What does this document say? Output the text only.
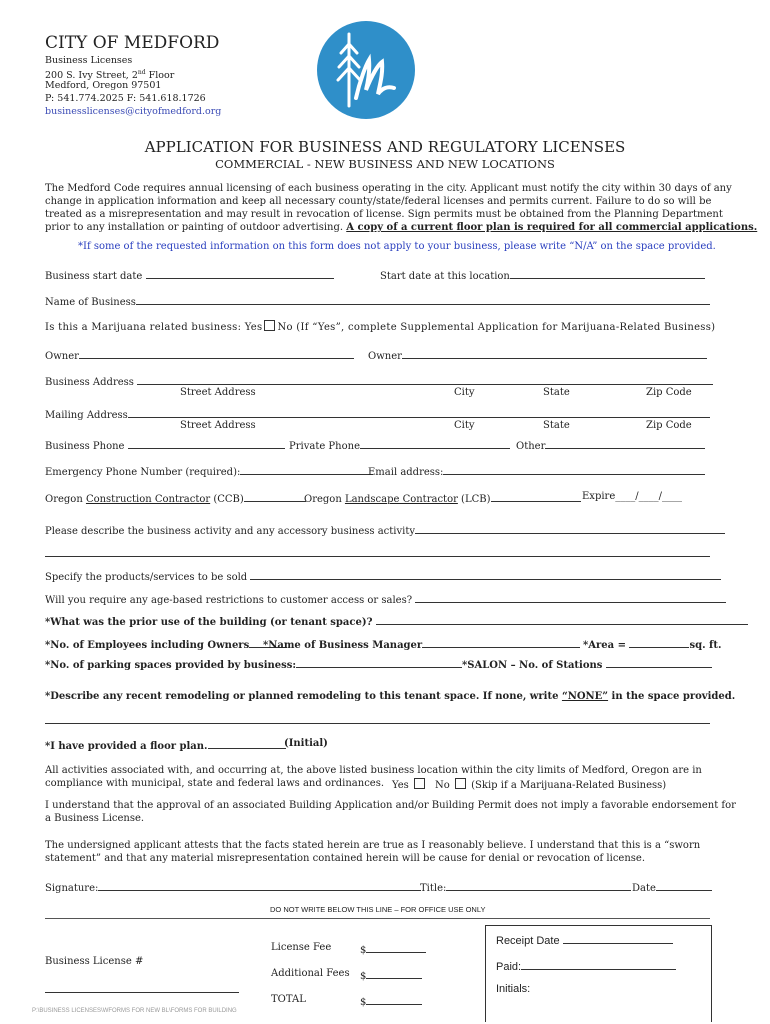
CITY OF MEDFORD
Business Licenses
200 S. Ivy Street, 2nd Floor
Medford, Oregon 97501
P: 541.774.2025 F: 541.618.1726
businesslicenses@cityofmedford.org
APPLICATION FOR BUSINESS AND REGULATORY LICENSES
COMMERCIAL - NEW BUSINESS AND NEW LOCATIONS
The Medford Code requires annual licensing of each business operating in the city. Applicant must notify the city within 30 days of any
change in application information and keep all necessary county/state/federal licenses and permits current. Failure to do so will be
treated as a misrepresentation and may result in revocation of license. Sign permits must be obtained from the Planning Department
prior to any installation or painting of outdoor advertising. A copy of a current floor plan is required for all commercial applications.
*If some of the requested information on this form does not apply to your business, please write “N/A” on the space provided.
Business start date	Start date at this location
Name of Business
Is this a Marijuana related business: Yes No (If “Yes”, complete Supplemental Application for Marijuana-Related Business)
Owner	Owner
Business Address
Street Address	City	State	Zip Code
Mailing Address
Street Address	City	State	Zip Code
Business Phone	Private Phone	Other
Emergency Phone Number (required):	Email address:
Oregon Construction Contractor (CCB)	Oregon Landscape Contractor (LCB)	Expire____/____/____
Please describe the business activity and any accessory business activity
Specify the products/services to be sold
Will you require any age-based restrictions to customer access or sales?
*What was the prior use of the building (or tenant space)?
*No. of Employees including Owners	*Name of Business Manager	*Area =	sq. ft.
*No. of parking spaces provided by business:	*SALON – No. of Stations
*Describe any recent remodeling or planned remodeling to this tenant space. If none, write “NONE” in the space provided.
*I have provided a floor plan.	(Initial)
All activities associated with, and occurring at, the above listed business location within the city limits of Medford, Oregon are in
compliance with municipal, state and federal laws and ordinances. Yes	No (Skip if a Marijuana-Related Business)
I understand that the approval of an associated Building Application and/or Building Permit does not imply a favorable endorsement for
a Business License.
The undersigned applicant attests that the facts stated herein are true as I reasonably believe. I understand that this is a “sworn
statement” and that any material misrepresentation contained herein will be cause for denial or revocation of license.
Signature:	Title:	Date
DO NOT WRITE BELOW THIS LINE – FOR OFFICE USE ONLY
Business License #
License Fee	$
Additional Fees $
TOTAL	$
Receipt Date
Paid:
Initials:
P:\BUSINESS LICENSES\WFORMS FOR NEW BL\FORMS FOR BUILDING
